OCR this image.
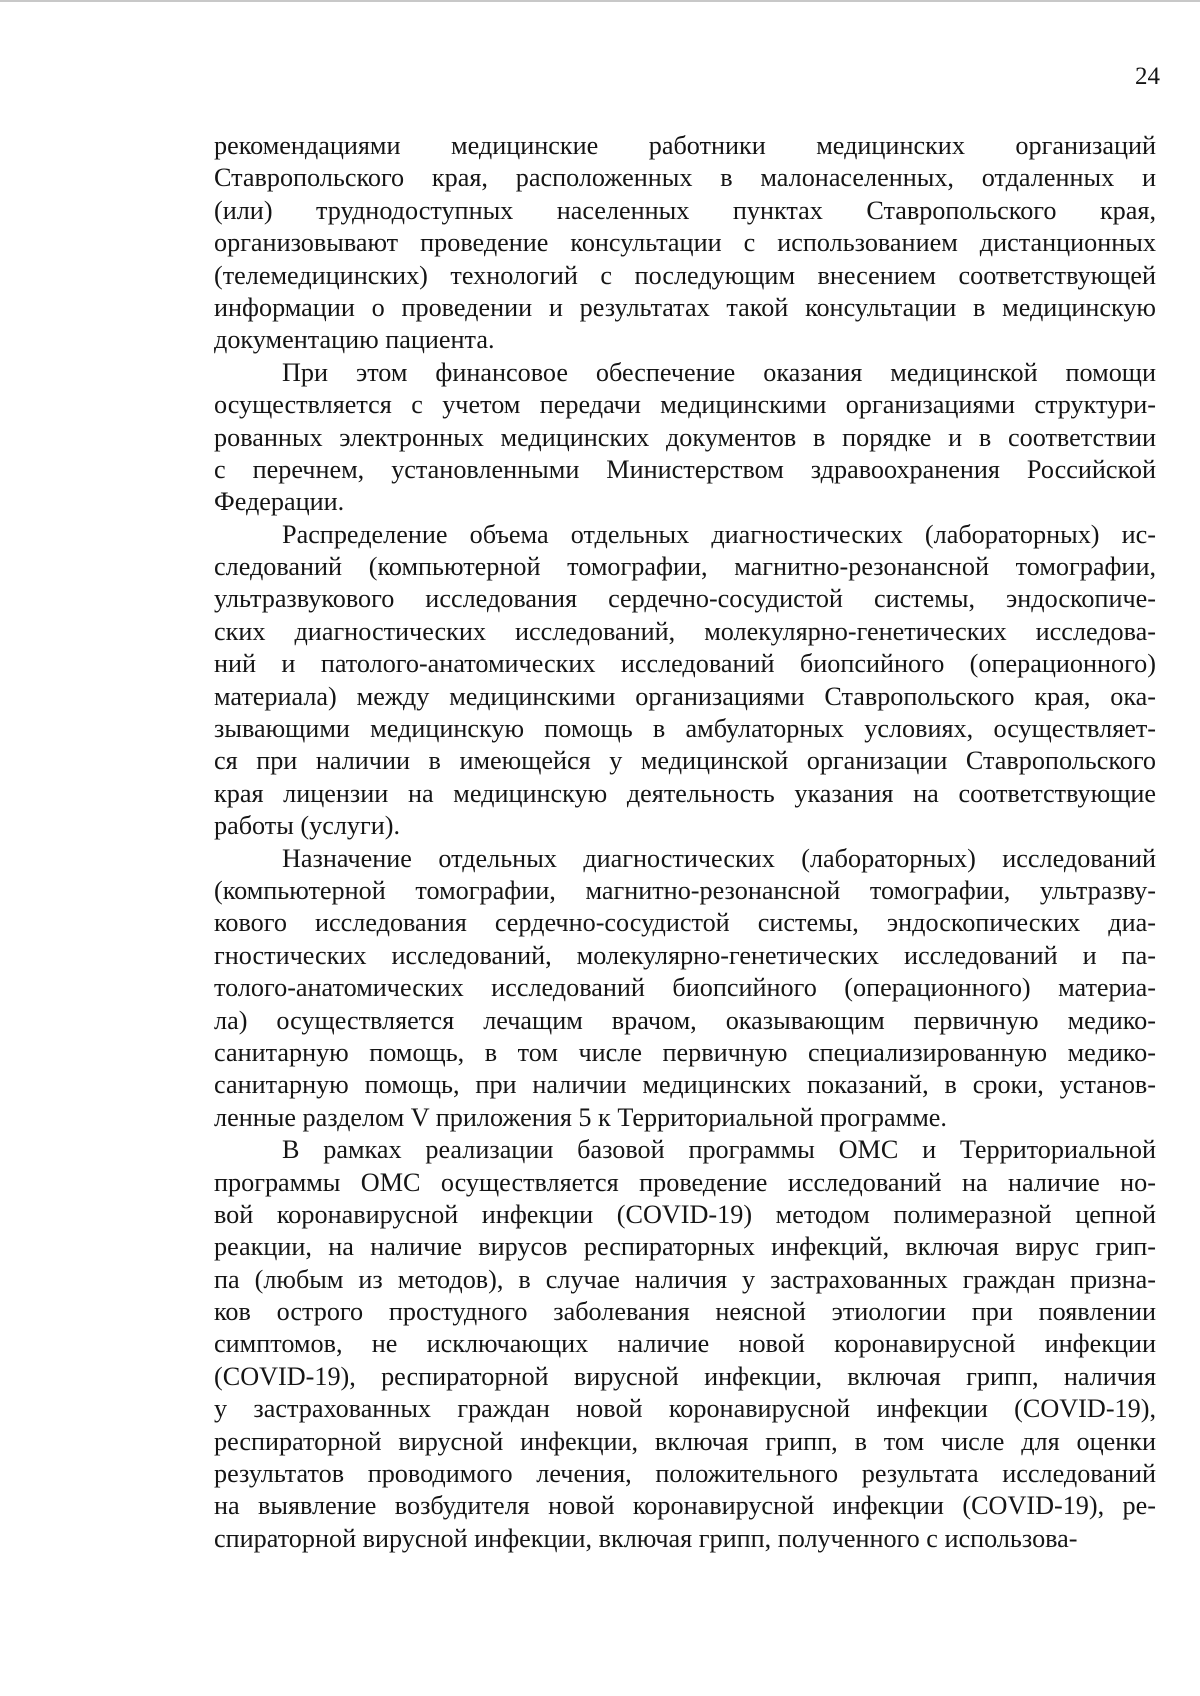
24
рекомендациями медицинские работники медицинских организаций
Ставропольского края, расположенных в малонаселенных, отдаленных и
(или) труднодоступных населенных пунктах Ставропольского края,
организовывают проведение консультации с использованием дистанционных
(телемедицинских) технологий с последующим внесением соответствующей
информации о проведении и результатах такой консультации в медицинскую
документацию пациента.
При этом финансовое обеспечение оказания медицинской помощи
осуществляется с учетом передачи медицинскими организациями структури-
рованных электронных медицинских документов в порядке и в соответствии
с перечнем, установленными Министерством здравоохранения Российской
Федерации.
Распределение объема отдельных диагностических (лабораторных) ис-
следований (компьютерной томографии, магнитно-резонансной томографии,
ультразвукового исследования сердечно-сосудистой системы, эндоскопиче-
ских диагностических исследований, молекулярно-генетических исследова-
ний и патолого-анатомических исследований биопсийного (операционного)
материала) между медицинскими организациями Ставропольского края, ока-
зывающими медицинскую помощь в амбулаторных условиях, осуществляет-
ся при наличии в имеющейся у медицинской организации Ставропольского
края лицензии на медицинскую деятельность указания на соответствующие
работы (услуги).
Назначение отдельных диагностических (лабораторных) исследований
(компьютерной томографии, магнитно-резонансной томографии, ультразву-
кового исследования сердечно-сосудистой системы, эндоскопических диа-
гностических исследований, молекулярно-генетических исследований и па-
толого-анатомических исследований биопсийного (операционного) материа-
ла) осуществляется лечащим врачом, оказывающим первичную медико-
санитарную помощь, в том числе первичную специализированную медико-
санитарную помощь, при наличии медицинских показаний, в сроки, установ-
ленные разделом V приложения 5 к Территориальной программе.
В рамках реализации базовой программы ОМС и Территориальной
программы ОМС осуществляется проведение исследований на наличие но-
вой коронавирусной инфекции (COVID-19) методом полимеразной цепной
реакции, на наличие вирусов респираторных инфекций, включая вирус грип-
па (любым из методов), в случае наличия у застрахованных граждан призна-
ков острого простудного заболевания неясной этиологии при появлении
симптомов, не исключающих наличие новой коронавирусной инфекции
(COVID-19), респираторной вирусной инфекции, включая грипп, наличия
у застрахованных граждан новой коронавирусной инфекции (COVID-19),
респираторной вирусной инфекции, включая грипп, в том числе для оценки
результатов проводимого лечения, положительного результата исследований
на выявление возбудителя новой коронавирусной инфекции (COVID-19), ре-
спираторной вирусной инфекции, включая грипп, полученного с использова-
